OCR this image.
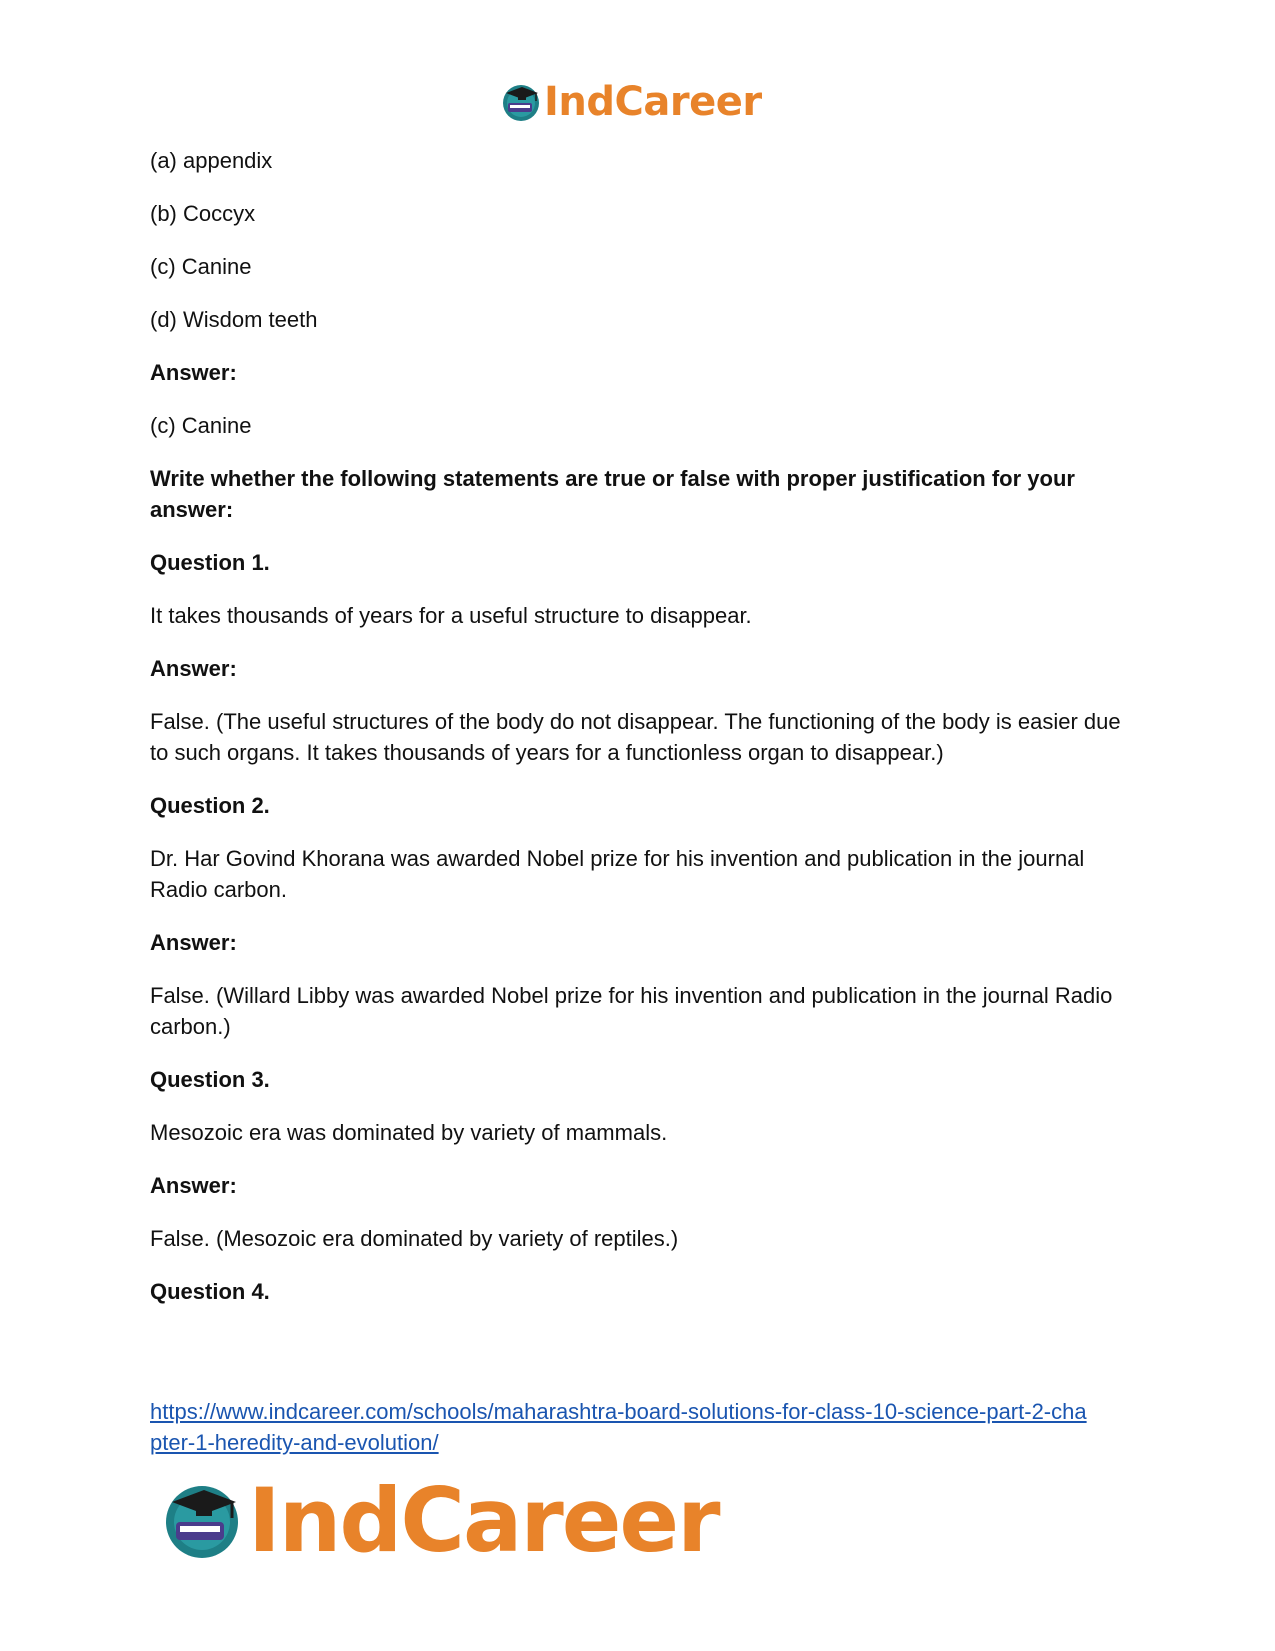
IndCareer

(a) appendix

(b) Coccyx

(c) Canine

(d) Wisdom teeth

Answer:

(c) Canine

Write whether the following statements are true or false with proper justification for your answer:

Question 1.

It takes thousands of years for a useful structure to disappear.

Answer:

False. (The useful structures of the body do not disappear. The functioning of the body is easier due to such organs. It takes thousands of years for a functionless organ to disappear.)

Question 2.

Dr. Har Govind Khorana was awarded Nobel prize for his invention and publication in the journal Radio carbon.

Answer:

False. (Willard Libby was awarded Nobel prize for his invention and publication in the journal Radio carbon.)

Question 3.

Mesozoic era was dominated by variety of mammals.

Answer:

False. (Mesozoic era dominated by variety of reptiles.)

Question 4.

https://www.indcareer.com/schools/maharashtra-board-solutions-for-class-10-science-part-2-cha
pter-1-heredity-and-evolution/
IndCareer
